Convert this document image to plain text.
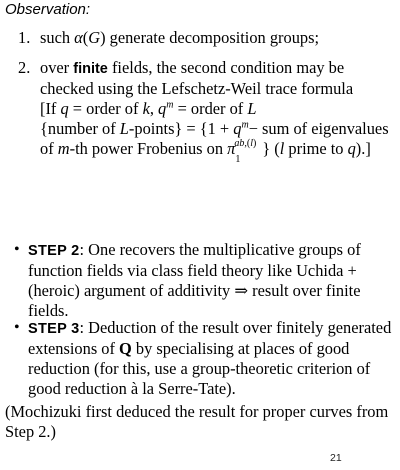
Observation:
1. such α(G) generate decomposition groups;
2. over finite fields, the second condition may be checked using the Lefschetz-Weil trace formula
[If q = order of k, $q^m$ = order of L
{number of L-points} = {$1 + q^m-$ sum of eigenvalues of m-th power Frobenius on $\pi_1^{ab,(l)}$ } (l prime to q).]
• STEP 2: One recovers the multiplicative groups of function fields via class field theory like Uchida + (heroic) argument of additivity ⇒ result over finite fields.
• STEP 3: Deduction of the result over finitely generated extensions of Q by specialising at places of good reduction (for this, use a group-theoretic criterion of good reduction à la Serre-Tate).
(Mochizuki first deduced the result for proper curves from Step 2.)
21
